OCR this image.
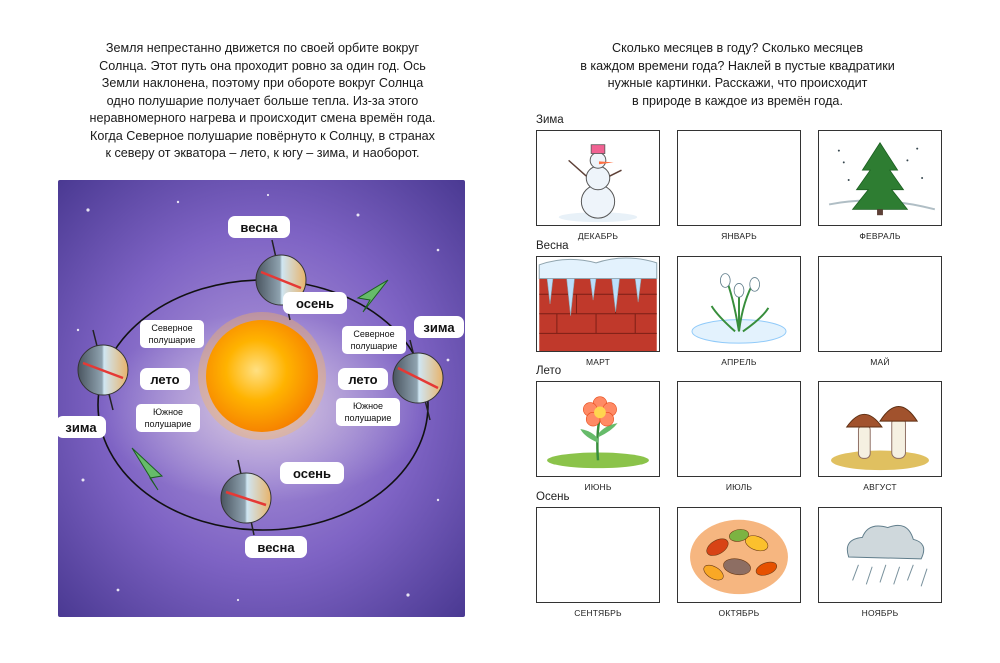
Земля непрестанно движется по своей орбите вокруг
Солнца. Этот путь она проходит ровно за один год. Ось
Земли наклонена, поэтому при обороте вокруг Солнца
одно полушарие получает больше тепла. Из-за этого
неравномерного нагрева и происходит смена времён года.
Когда Северное полушарие повёрнуто к Солнцу, в странах
к северу от экватора – лето, к югу – зима, и наоборот.

весна
осень
зима
зима
лето	лето
осень
весна
Северное
полушарие
Северное
полушарие
Южное
полушарие
Южное
полушарие

Сколько месяцев в году? Сколько месяцев
в каждом времени года? Наклей в пустые квадратики
нужные картинки. Расскажи, что происходит
в природе в каждое из времён года.

Зима
ДЕКАБРЬ	ЯНВАРЬ	ФЕВРАЛЬ
Весна
МАРТ	АПРЕЛЬ	МАЙ
Лето
ИЮНЬ	ИЮЛЬ	АВГУСТ
Осень
СЕНТЯБРЬ	ОКТЯБРЬ	НОЯБРЬ
